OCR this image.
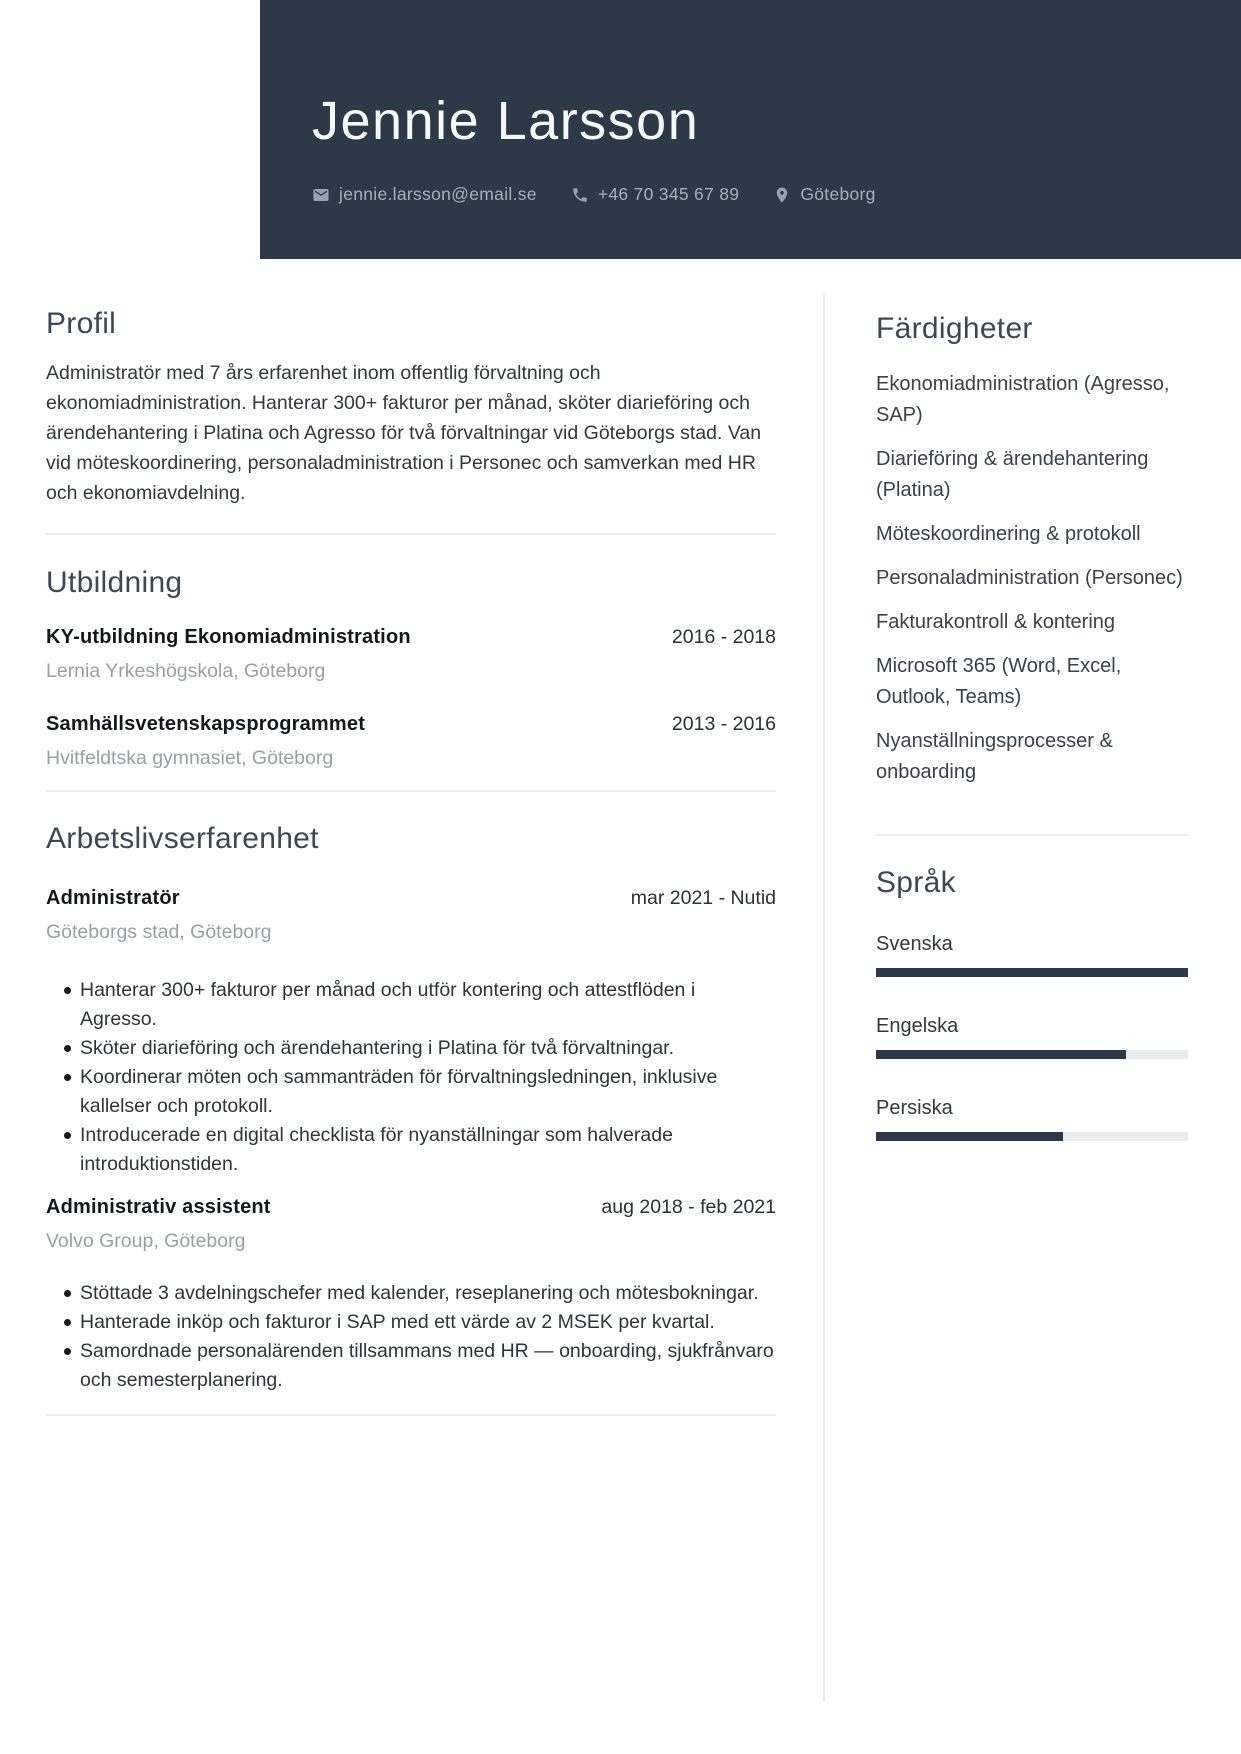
Jennie Larsson
jennie.larsson@email.se	+46 70 345 67 89	Göteborg
Profil

Administratör med 7 års erfarenhet inom offentlig förvaltning och ekonomiadministration. Hanterar 300+ fakturor per månad, sköter diarieföring och ärendehantering i Platina och Agresso för två förvaltningar vid Göteborgs stad. Van vid möteskoordinering, personaladministration i Personec och samverkan med HR och ekonomiavdelning.

Utbildning
KY-utbildning Ekonomiadministration	2016 - 2018
Lernia Yrkeshögskola, Göteborg
Samhällsvetenskapsprogrammet	2013 - 2016
Hvitfeldtska gymnasiet, Göteborg
Arbetslivserfarenhet
Administratör	mar 2021 - Nutid
Göteborgs stad, Göteborg
Hanterar 300+ fakturor per månad och utför kontering och attestflöden i Agresso.
Sköter diarieföring och ärendehantering i Platina för två förvaltningar.
Koordinerar möten och sammanträden för förvaltningsledningen, inklusive kallelser och protokoll.
Introducerade en digital checklista för nyanställningar som halverade introduktionstiden.
Administrativ assistent	aug 2018 - feb 2021
Volvo Group, Göteborg
Stöttade 3 avdelningschefer med kalender, reseplanering och mötesbokningar.
Hanterade inköp och fakturor i SAP med ett värde av 2 MSEK per kvartal.
Samordnade personalärenden tillsammans med HR — onboarding, sjukfrånvaro och semesterplanering.
Färdigheter
Ekonomiadministration (Agresso, SAP)
Diarieföring & ärendehantering (Platina)
Möteskoordinering & protokoll
Personaladministration (Personec)
Fakturakontroll & kontering
Microsoft 365 (Word, Excel, Outlook, Teams)
Nyanställningsprocesser & onboarding
Språk
Svenska
Engelska
Persiska
